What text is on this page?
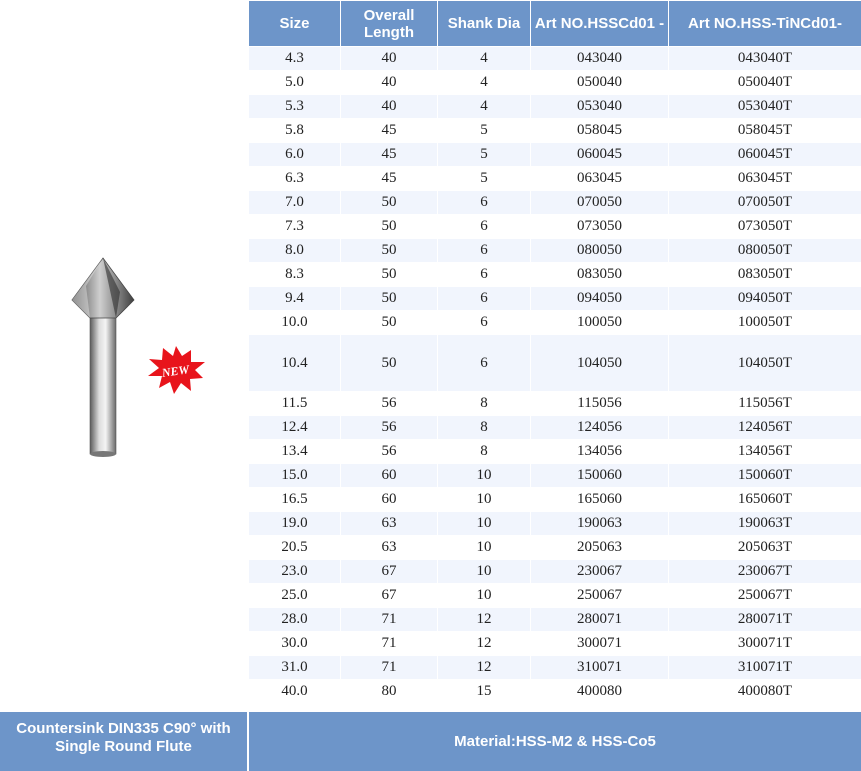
NEW
Size	Overall Length	Shank Dia	Art NO.HSSCd01 -	Art NO.HSS-TiNCd01-
4.3	40	4	043040	043040T
5.0	40	4	050040	050040T
5.3	40	4	053040	053040T
5.8	45	5	058045	058045T
6.0	45	5	060045	060045T
6.3	45	5	063045	063045T
7.0	50	6	070050	070050T
7.3	50	6	073050	073050T
8.0	50	6	080050	080050T
8.3	50	6	083050	083050T
9.4	50	6	094050	094050T
10.0	50	6	100050	100050T
10.4	50	6	104050	104050T
11.5	56	8	115056	115056T
12.4	56	8	124056	124056T
13.4	56	8	134056	134056T
15.0	60	10	150060	150060T
16.5	60	10	165060	165060T
19.0	63	10	190063	190063T
20.5	63	10	205063	205063T
23.0	67	10	230067	230067T
25.0	67	10	250067	250067T
28.0	71	12	280071	280071T
30.0	71	12	300071	300071T
31.0	71	12	310071	310071T
40.0	80	15	400080	400080T
Countersink DIN335 C90° with Single Round Flute	Material:HSS-M2 & HSS-Co5
